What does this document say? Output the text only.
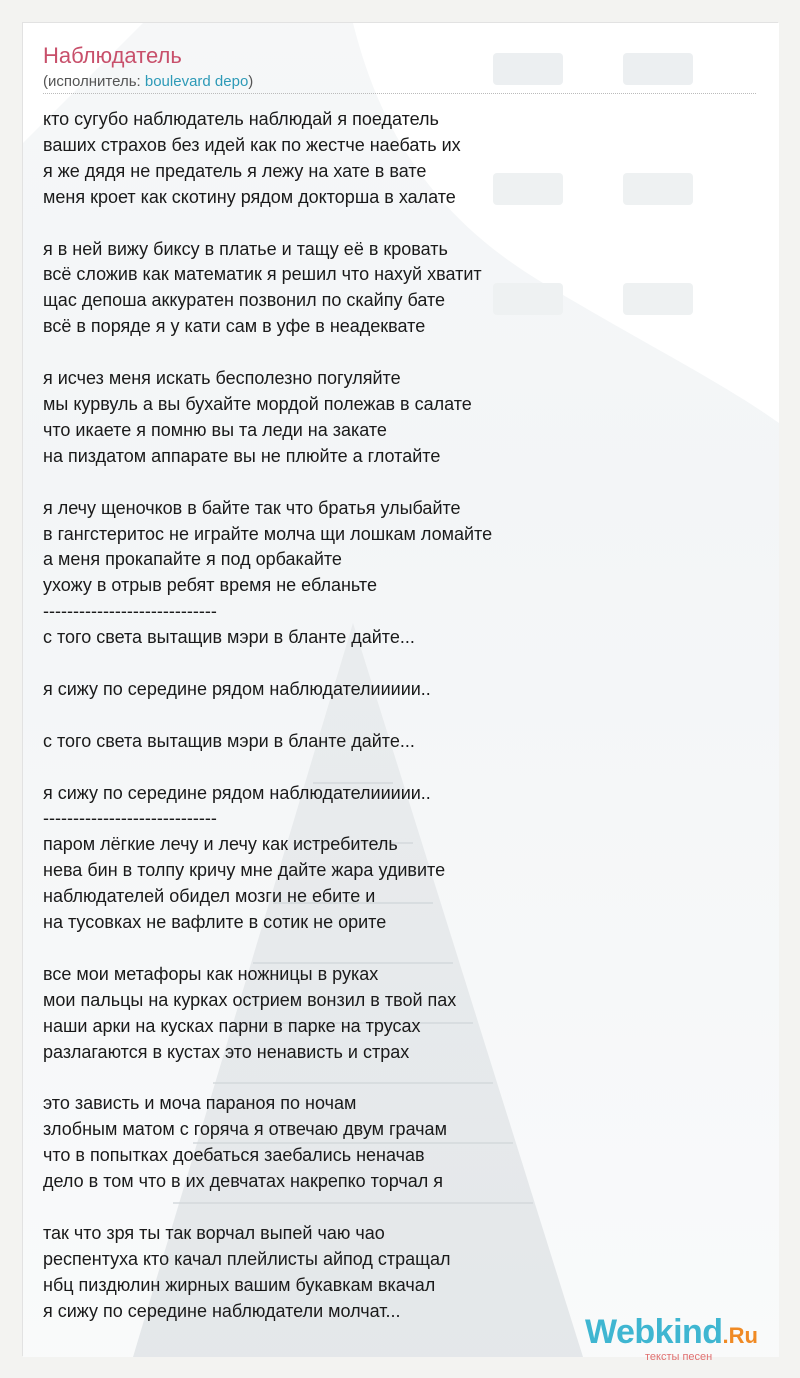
Наблюдатель
(исполнитель: boulevard depo)
кто сугубо наблюдатель наблюдай я поедатель
ваших страхов без идей как по жестче наебать их
я же дядя не предатель я лежу на хате в вате
меня кроет как скотину рядом докторша в халате

я в ней вижу биксу в платье и тащу её в кровать
всё сложив как математик я решил что нахуй хватит
щас депоша аккуратен позвонил по скайпу бате
всё в поряде я у кати сам в уфе в неадеквате

я исчез меня искать бесполезно погуляйте
мы курвуль а вы бухайте мордой полежав в салате
что икаете я помню вы та леди на закате
на пиздатом аппарате вы не плюйте а глотайте

я лечу щеночков в байте так что братья улыбайте
в гангстеритос не играйте молча щи лошкам ломайте
а меня прокапайте я под орбакайте
ухожу в отрыв ребят время не ебланьте
-----------------------------
с того света вытащив мэри в бланте дайте...

я сижу по середине рядом наблюдателиииии..

с того света вытащив мэри в бланте дайте...

я сижу по середине рядом наблюдателиииии..
-----------------------------
паром лёгкие лечу и лечу как истребитель
нева бин в толпу кричу мне дайте жара удивите
наблюдателей обидел мозги не ебите и
на тусовках не вафлите в сотик не орите

все мои метафоры как ножницы в руках
мои пальцы на курках острием вонзил в твой пах
наши арки на кусках парни в парке на трусах
разлагаются в кустах это ненависть и страх

это зависть и моча параноя по ночам
злобным матом с горяча я отвечаю двум грачам
что в попытках доебаться заебались неначав
дело в том что в их девчатах накрепко торчал я

так что зря ты так ворчал выпей чаю чао
респентуха кто качал плейлисты айпод стращал
нбц пиздюлин жирных вашим букавкам вкачал
я сижу по середине наблюдатели молчат...
Webkind.Ru
тексты песен
